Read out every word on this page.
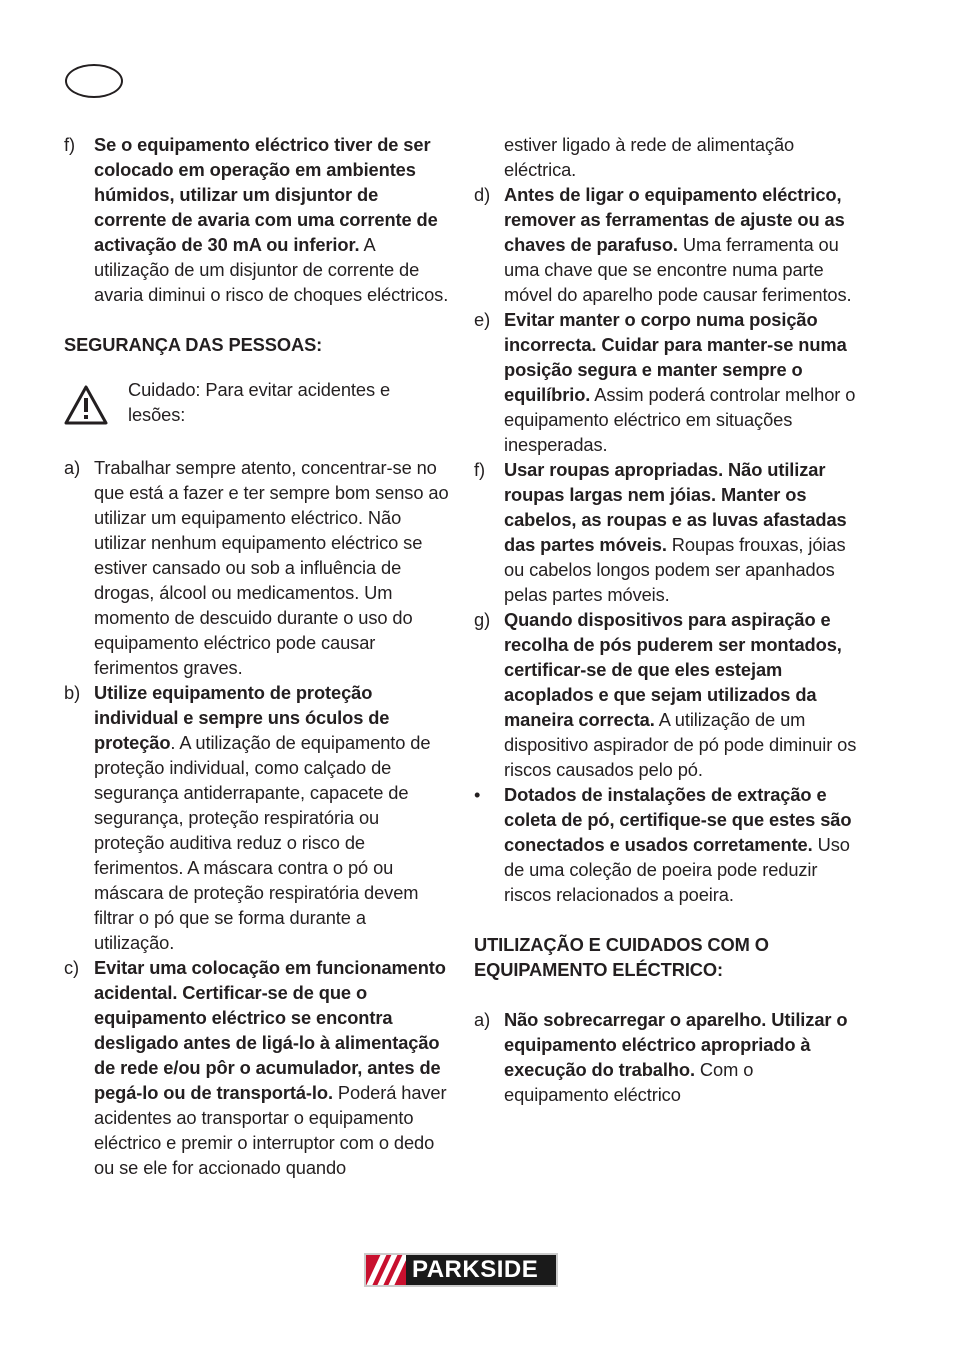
f)	Se o equipamento eléctrico tiver de ser colocado em operação em ambientes húmidos, utilizar um disjuntor de corrente de avaria com uma corrente de activação de 30 mA ou inferior. A utilização de um disjuntor de corrente de avaria diminui o risco de choques eléctricos.
SEGURANÇA DAS PESSOAS:
Cuidado: Para evitar acidentes e lesões:
a) Trabalhar sempre atento, concentrar-se no que está a fazer e ter sempre bom senso ao utilizar um equipamento eléctrico. Não utilizar nenhum equipamento eléctrico se estiver cansado ou sob a influência de drogas, álcool ou medicamentos. Um momento de descuido durante o uso do equipamento eléctrico pode causar ferimentos graves.
b) Utilize equipamento de proteção individual e sempre uns óculos de proteção. A utilização de equipamento de proteção individual, como calçado de segurança antiderrapante, capacete de segurança, proteção respiratória ou proteção auditiva reduz o risco de ferimentos. A máscara contra o pó ou máscara de proteção respiratória devem filtrar o pó que se forma durante a utilização.
c) Evitar uma colocação em funcionamento acidental. Certificar-se de que o equipamento eléctrico se encontra desligado antes de ligá-lo à alimentação de rede e/ou pôr o acumulador, antes de pegá-lo ou de transportá-lo. Poderá haver acidentes ao transportar o equipamento eléctrico e premir o interruptor com o dedo ou se ele for accionado quando
estiver ligado à rede de alimentação eléctrica.
d) Antes de ligar o equipamento eléctrico, remover as ferramentas de ajuste ou as chaves de parafuso. Uma ferramenta ou uma chave que se encontre numa parte móvel do aparelho pode causar ferimentos.
e) Evitar manter o corpo numa posição incorrecta. Cuidar para manter-se numa posição segura e manter sempre o equilíbrio. Assim poderá controlar melhor o equipamento eléctrico em situações inesperadas.
f)	Usar roupas apropriadas. Não utilizar roupas largas nem jóias. Manter os cabelos, as roupas e as luvas afastadas das partes móveis. Roupas frouxas, jóias ou cabelos longos podem ser apanhados pelas partes móveis.
g) Quando dispositivos para aspiração e recolha de pós puderem ser montados, certificar-se de que eles estejam acoplados e que sejam utilizados da maneira correcta. A utilização de um dispositivo aspirador de pó pode diminuir os riscos causados pelo pó.
•	Dotados de instalações de extração e coleta de pó, certifique-se que estes são conectados e usados corretamente. Uso de uma coleção de poeira pode reduzir riscos relacionados a poeira.
UTILIZAÇÃO E CUIDADOS COM O EQUIPAMENTO ELÉCTRICO:
a) Não sobrecarregar o aparelho. Utilizar o equipamento eléctrico apropriado à execução do trabalho. Com o equipamento eléctrico
PARKSIDE
